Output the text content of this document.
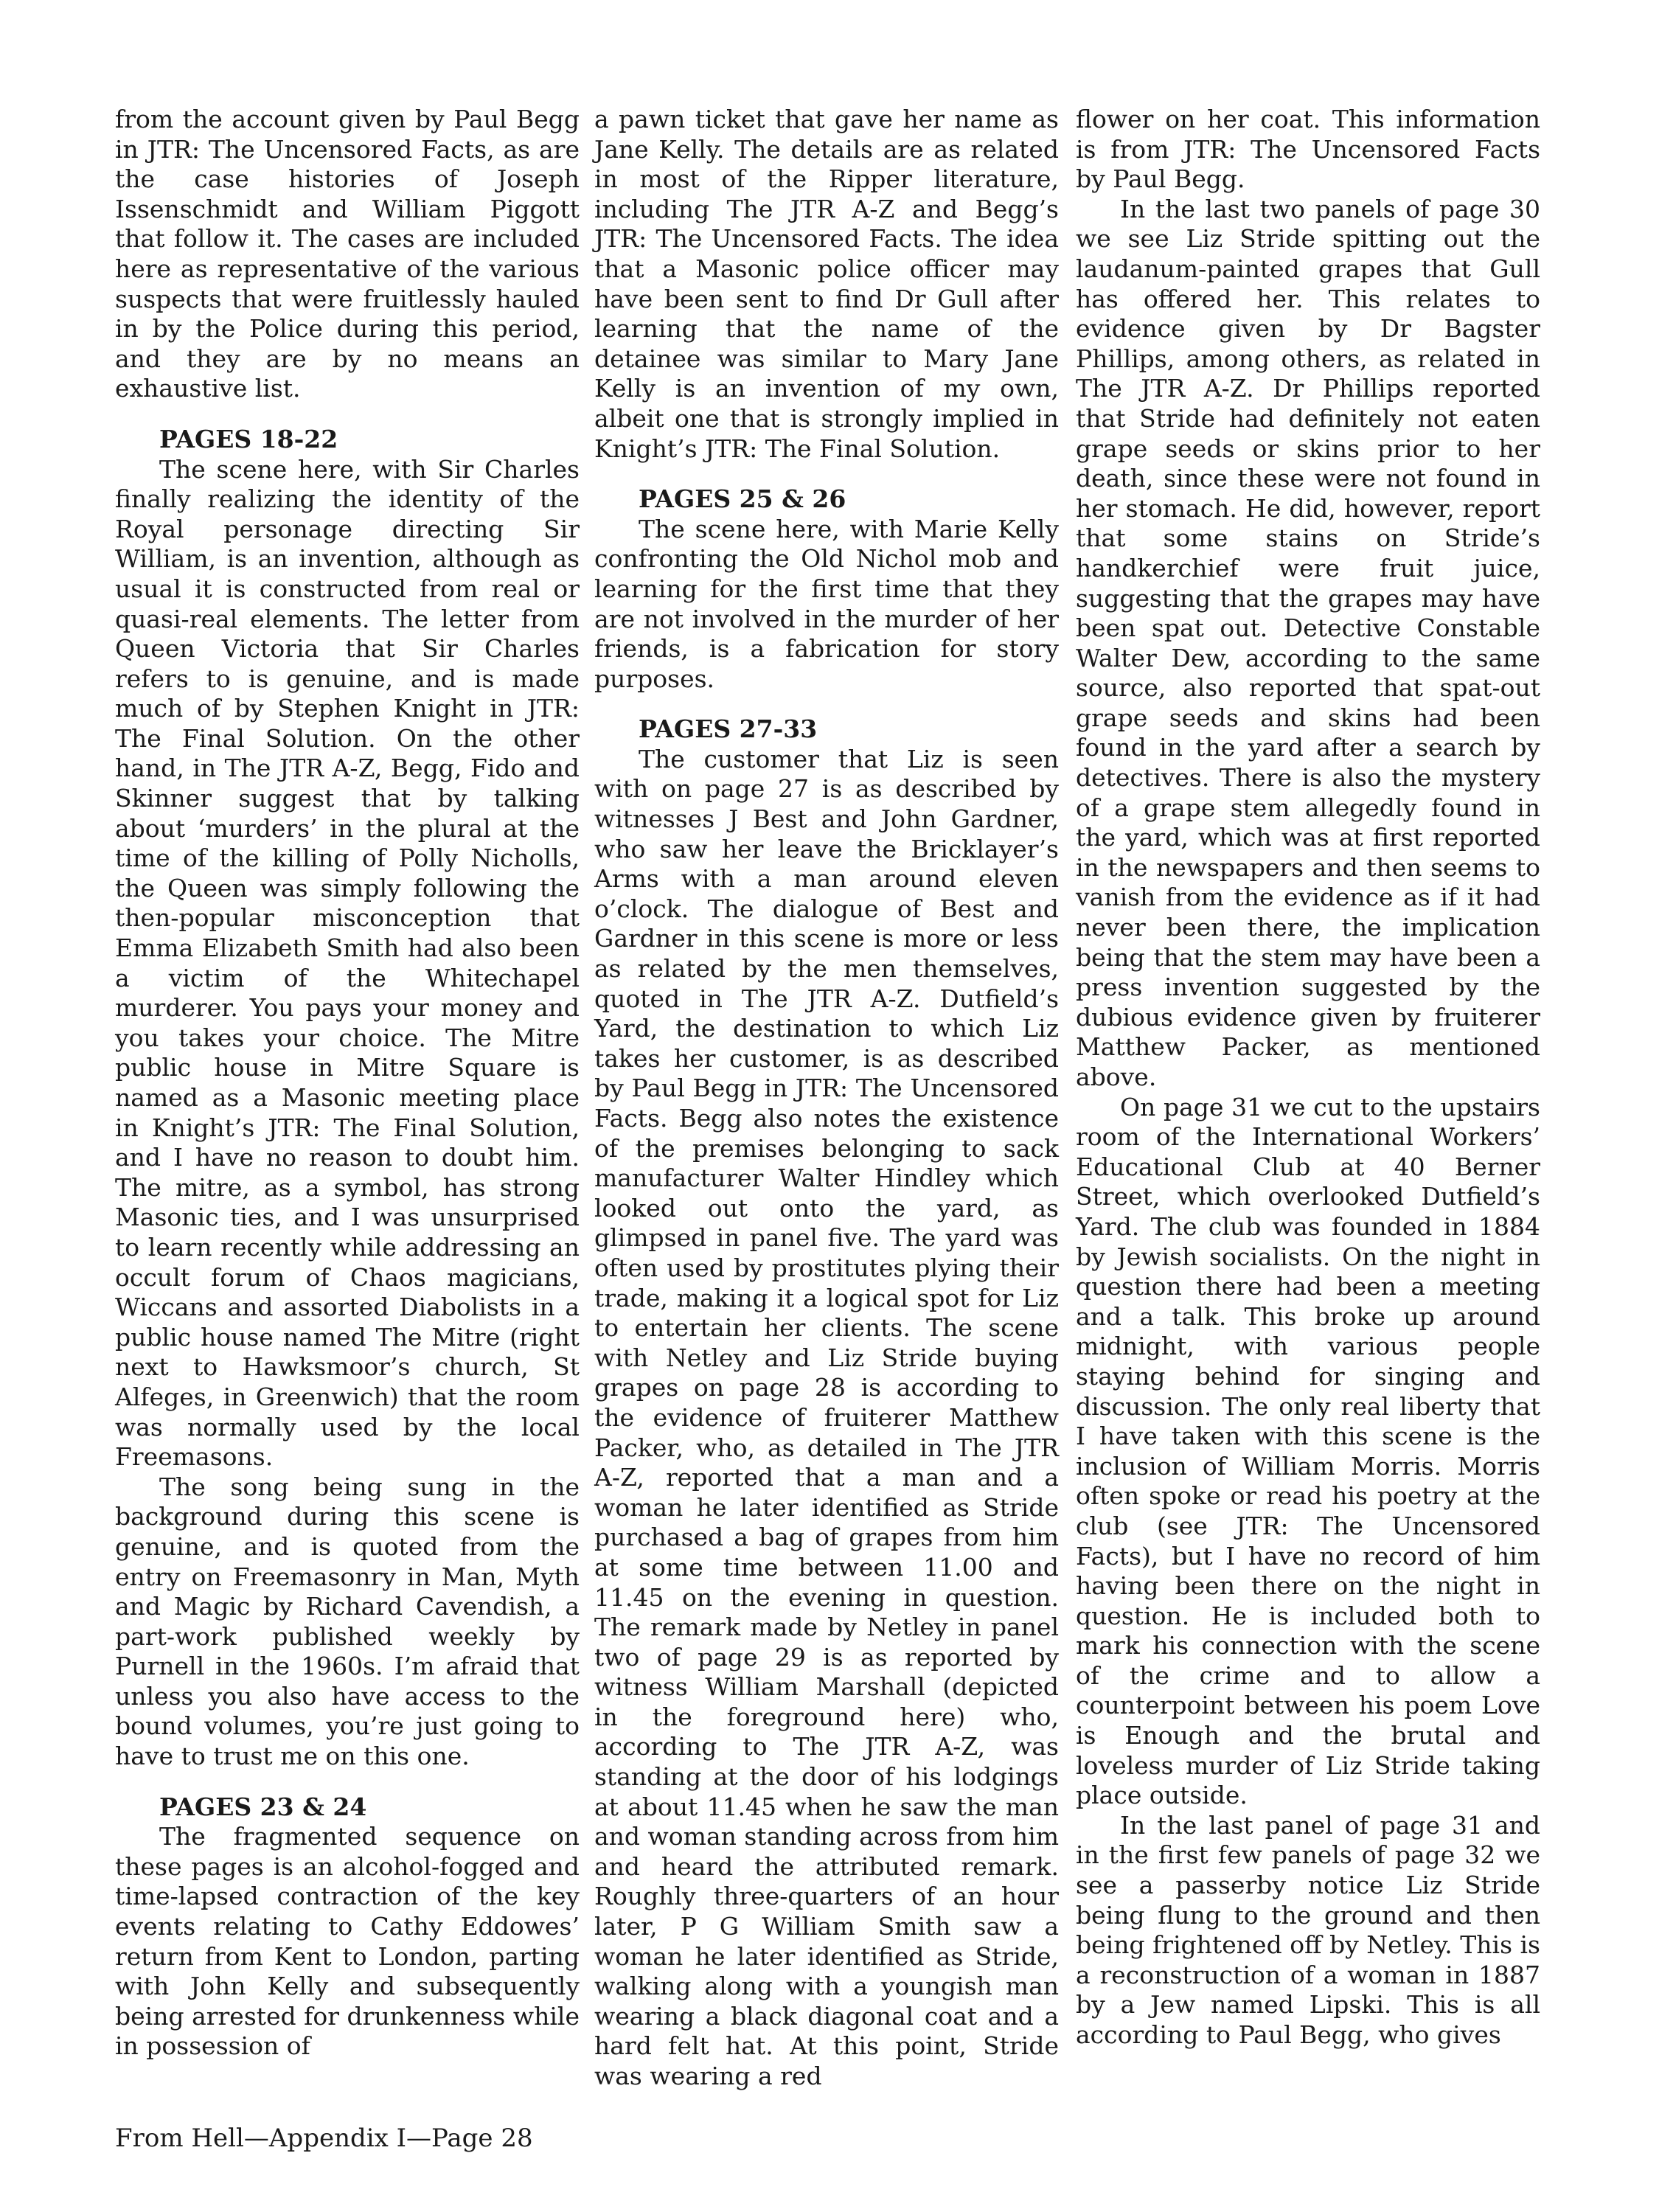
from the account given by Paul Begg in JTR: The Uncensored Facts, as are the case histories of Joseph Issenschmidt and William Piggott that follow it. The cases are included here as representative of the various suspects that were fruitlessly hauled in by the Police during this period, and they are by no means an exhaustive list.

PAGES 18-22

The scene here, with Sir Charles finally realizing the identity of the Royal personage directing Sir William, is an invention, although as usual it is constructed from real or quasi-real elements. The letter from Queen Victoria that Sir Charles refers to is genuine, and is made much of by Stephen Knight in JTR: The Final Solution. On the other hand, in The JTR A-Z, Begg, Fido and Skinner suggest that by talking about ‘murders’ in the plural at the time of the killing of Polly Nicholls, the Queen was simply following the then-popular misconception that Emma Elizabeth Smith had also been a victim of the Whitechapel murderer. You pays your money and you takes your choice. The Mitre public house in Mitre Square is named as a Masonic meeting place in Knight’s JTR: The Final Solution, and I have no reason to doubt him. The mitre, as a symbol, has strong Masonic ties, and I was unsurprised to learn recently while addressing an occult forum of Chaos magicians, Wiccans and assorted Diabolists in a public house named The Mitre (right next to Hawksmoor’s church, St Alfeges, in Greenwich) that the room was normally used by the local Freemasons.

The song being sung in the background during this scene is genuine, and is quoted from the entry on Freemasonry in Man, Myth and Magic by Richard Cavendish, a part-work published weekly by Purnell in the 1960s. I’m afraid that unless you also have access to the bound volumes, you’re just going to have to trust me on this one.

PAGES 23 & 24

The fragmented sequence on these pages is an alcohol-fogged and time-lapsed contraction of the key events relating to Cathy Eddowes’ return from Kent to London, parting with John Kelly and subsequently being arrested for drunkenness while in possession of

a pawn ticket that gave her name as Jane Kelly. The details are as related in most of the Ripper literature, including The JTR A-Z and Begg’s JTR: The Uncensored Facts. The idea that a Masonic police officer may have been sent to find Dr Gull after learning that the name of the detainee was similar to Mary Jane Kelly is an invention of my own, albeit one that is strongly implied in Knight’s JTR: The Final Solution.

PAGES 25 & 26

The scene here, with Marie Kelly confronting the Old Nichol mob and learning for the first time that they are not involved in the murder of her friends, is a fabrication for story purposes.

PAGES 27-33

The customer that Liz is seen with on page 27 is as described by witnesses J Best and John Gardner, who saw her leave the Bricklayer’s Arms with a man around eleven o’clock. The dialogue of Best and Gardner in this scene is more or less as related by the men themselves, quoted in The JTR A-Z. Dutfield’s Yard, the destination to which Liz takes her customer, is as described by Paul Begg in JTR: The Uncensored Facts. Begg also notes the existence of the premises belonging to sack manufacturer Walter Hindley which looked out onto the yard, as glimpsed in panel five. The yard was often used by prostitutes plying their trade, making it a logical spot for Liz to entertain her clients. The scene with Netley and Liz Stride buying grapes on page 28 is according to the evidence of fruiterer Matthew Packer, who, as detailed in The JTR A-Z, reported that a man and a woman he later identified as Stride purchased a bag of grapes from him at some time between 11.00 and 11.45 on the evening in question. The remark made by Netley in panel two of page 29 is as reported by witness William Marshall (depicted in the foreground here) who, according to The JTR A-Z, was standing at the door of his lodgings at about 11.45 when he saw the man and woman standing across from him and heard the attributed remark. Roughly three-quarters of an hour later, P G William Smith saw a woman he later identified as Stride, walking along with a youngish man wearing a black diagonal coat and a hard felt hat. At this point, Stride was wearing a red

flower on her coat. This information is from JTR: The Uncensored Facts by Paul Begg.

In the last two panels of page 30 we see Liz Stride spitting out the laudanum-painted grapes that Gull has offered her. This relates to evidence given by Dr Bagster Phillips, among others, as related in The JTR A-Z. Dr Phillips reported that Stride had definitely not eaten grape seeds or skins prior to her death, since these were not found in her stomach. He did, however, report that some stains on Stride’s handkerchief were fruit juice, suggesting that the grapes may have been spat out. Detective Constable Walter Dew, according to the same source, also reported that spat-out grape seeds and skins had been found in the yard after a search by detectives. There is also the mystery of a grape stem allegedly found in the yard, which was at first reported in the newspapers and then seems to vanish from the evidence as if it had never been there, the implication being that the stem may have been a press invention suggested by the dubious evidence given by fruiterer Matthew Packer, as mentioned above.

On page 31 we cut to the upstairs room of the International Workers’ Educational Club at 40 Berner Street, which overlooked Dutfield’s Yard. The club was founded in 1884 by Jewish socialists. On the night in question there had been a meeting and a talk. This broke up around midnight, with various people staying behind for singing and discussion. The only real liberty that I have taken with this scene is the inclusion of William Morris. Morris often spoke or read his poetry at the club (see JTR: The Uncensored Facts), but I have no record of him having been there on the night in question. He is included both to mark his connection with the scene of the crime and to allow a counterpoint between his poem Love is Enough and the brutal and loveless murder of Liz Stride taking place outside.

In the last panel of page 31 and in the first few panels of page 32 we see a passerby notice Liz Stride being flung to the ground and then being frightened off by Netley. This is a reconstruction of a woman in 1887 by a Jew named Lipski. This is all according to Paul Begg, who gives

From Hell—Appendix I—Page 28
